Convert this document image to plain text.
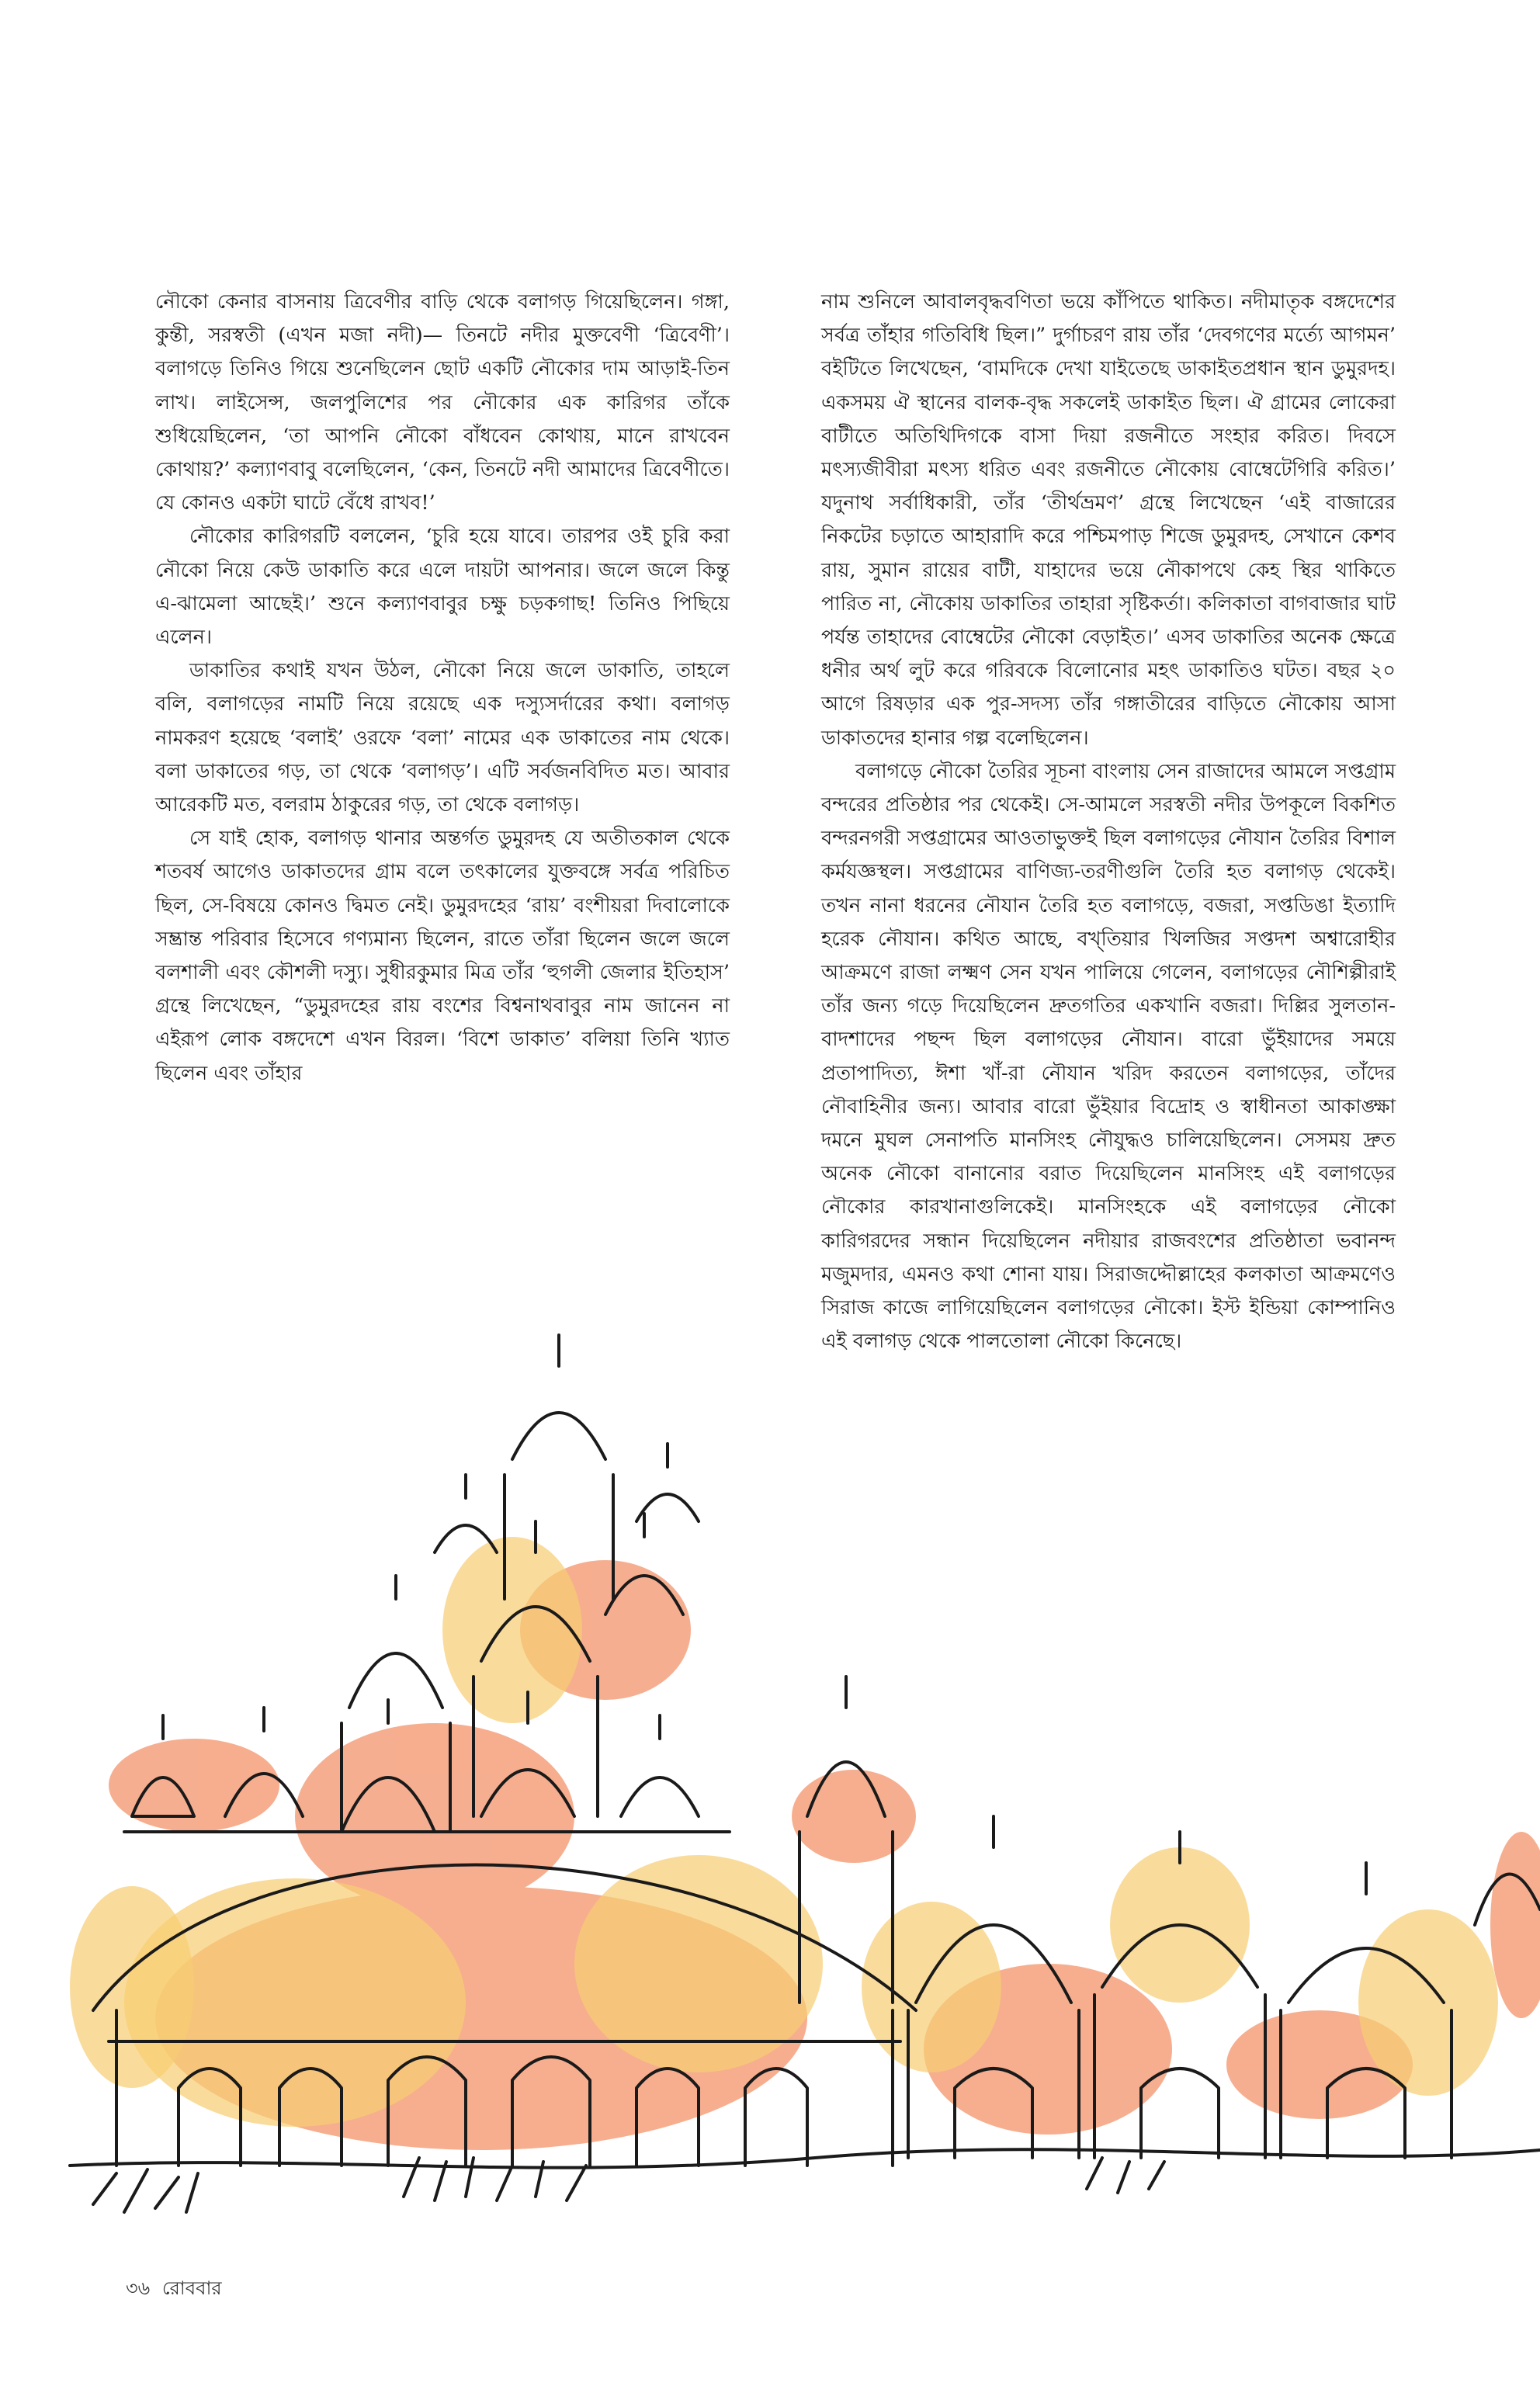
নৌকো কেনার বাসনায় ত্রিবেণীর বাড়ি থেকে বলাগড় গিয়েছিলেন। গঙ্গা, কুন্তী, সরস্বতী (এখন মজা নদী)— তিনটে নদীর মুক্তবেণী ‘ত্রিবেণী’। বলাগড়ে তিনিও গিয়ে শুনেছিলেন ছোট একটি নৌকোর দাম আড়াই-তিন লাখ। লাইসেন্স, জলপুলিশের পর নৌকোর এক কারিগর তাঁকে শুধিয়েছিলেন, ‘তা আপনি নৌকো বাঁধবেন কোথায়, মানে রাখবেন কোথায়?’ কল্যাণবাবু বলেছিলেন, ‘কেন, তিনটে নদী আমাদের ত্রিবেণীতে। যে কোনও একটা ঘাটে বেঁধে রাখব!’

নৌকোর কারিগরটি বললেন, ‘চুরি হয়ে যাবে। তারপর ওই চুরি করা নৌকো নিয়ে কেউ ডাকাতি করে এলে দায়টা আপনার। জলে জলে কিন্তু এ-ঝামেলা আছেই।’ শুনে কল্যাণবাবুর চক্ষু চড়কগাছ! তিনিও পিছিয়ে এলেন।

ডাকাতির কথাই যখন উঠল, নৌকো নিয়ে জলে ডাকাতি, তাহলে বলি, বলাগড়ের নামটি নিয়ে রয়েছে এক দস্যুসর্দারের কথা। বলাগড় নামকরণ হয়েছে ‘বলাই’ ওরফে ‘বলা’ নামের এক ডাকাতের নাম থেকে। বলা ডাকাতের গড়, তা থেকে ‘বলাগড়’। এটি সর্বজনবিদিত মত। আবার আরেকটি মত, বলরাম ঠাকুরের গড়, তা থেকে বলাগড়।

সে যাই হোক, বলাগড় থানার অন্তর্গত ডুমুরদহ যে অতীতকাল থেকে শতবর্ষ আগেও ডাকাতদের গ্রাম বলে তৎকালের যুক্তবঙ্গে সর্বত্র পরিচিত ছিল, সে-বিষয়ে কোনও দ্বিমত নেই। ডুমুরদহের ‘রায়’ বংশীয়রা দিবালোকে সম্ভ্রান্ত পরিবার হিসেবে গণ্যমান্য ছিলেন, রাতে তাঁরা ছিলেন জলে জলে বলশালী এবং কৌশলী দস্যু। সুধীরকুমার মিত্র তাঁর ‘হুগলী জেলার ইতিহাস’ গ্রন্থে লিখেছেন, “ডুমুরদহের রায় বংশের বিশ্বনাথবাবুর নাম জানেন না এইরূপ লোক বঙ্গদেশে এখন বিরল। ‘বিশে ডাকাত’ বলিয়া তিনি খ্যাত ছিলেন এবং তাঁহার

নাম শুনিলে আবালবৃদ্ধবণিতা ভয়ে কাঁপিতে থাকিত। নদীমাতৃক বঙ্গদেশের সর্বত্র তাঁহার গতিবিধি ছিল।” দুর্গাচরণ রায় তাঁর ‘দেবগণের মর্ত্যে আগমন’ বইটিতে লিখেছেন, ‘বামদিকে দেখা যাইতেছে ডাকাইতপ্রধান স্থান ডুমুরদহ। একসময় ঐ স্থানের বালক-বৃদ্ধ সকলেই ডাকাইত ছিল। ঐ গ্রামের লোকেরা বাটীতে অতিথিদিগকে বাসা দিয়া রজনীতে সংহার করিত। দিবসে মৎস্যজীবীরা মৎস্য ধরিত এবং রজনীতে নৌকোয় বোম্বেটেগিরি করিত।’ যদুনাথ সর্বাধিকারী, তাঁর ‘তীর্থভ্রমণ’ গ্রন্থে লিখেছেন ‘এই বাজারের নিকটের চড়াতে আহারাদি করে পশ্চিমপাড় শিজে ডুমুরদহ, সেখানে কেশব রায়, সুমান রায়ের বাটী, যাহাদের ভয়ে নৌকাপথে কেহ স্থির থাকিতে পারিত না, নৌকোয় ডাকাতির তাহারা সৃষ্টিকর্তা। কলিকাতা বাগবাজার ঘাট পর্যন্ত তাহাদের বোম্বেটের নৌকো বেড়াইত।’ এসব ডাকাতির অনেক ক্ষেত্রে ধনীর অর্থ লুট করে গরিবকে বিলোনোর মহৎ ডাকাতিও ঘটত। বছর ২০ আগে রিষড়ার এক পুর-সদস্য তাঁর গঙ্গাতীরের বাড়িতে নৌকোয় আসা ডাকাতদের হানার গল্প বলেছিলেন।

বলাগড়ে নৌকো তৈরির সূচনা বাংলায় সেন রাজাদের আমলে সপ্তগ্রাম বন্দরের প্রতিষ্ঠার পর থেকেই। সে-আমলে সরস্বতী নদীর উপকূলে বিকশিত বন্দরনগরী সপ্তগ্রামের আওতাভুক্তই ছিল বলাগড়ের নৌযান তৈরির বিশাল কর্মযজ্ঞস্থল। সপ্তগ্রামের বাণিজ্য-তরণীগুলি তৈরি হত বলাগড় থেকেই। তখন নানা ধরনের নৌযান তৈরি হত বলাগড়ে, বজরা, সপ্তডিঙা ইত্যাদি হরেক নৌযান। কথিত আছে, বখ্‌তিয়ার খিলজির সপ্তদশ অশ্বারোহীর আক্রমণে রাজা লক্ষ্মণ সেন যখন পালিয়ে গেলেন, বলাগড়ের নৌশিল্পীরাই তাঁর জন্য গড়ে দিয়েছিলেন দ্রুতগতির একখানি বজরা। দিল্লির সুলতান-বাদশাদের পছন্দ ছিল বলাগড়ের নৌযান। বারো ভুঁইয়াদের সময়ে প্রতাপাদিত্য, ঈশা খাঁ-রা নৌযান খরিদ করতেন বলাগড়ের, তাঁদের নৌবাহিনীর জন্য। আবার বারো ভুঁইয়ার বিদ্রোহ ও স্বাধীনতা আকাঙ্ক্ষা দমনে মুঘল সেনাপতি মানসিংহ নৌযুদ্ধও চালিয়েছিলেন। সেসময় দ্রুত অনেক নৌকো বানানোর বরাত দিয়েছিলেন মানসিংহ এই বলাগড়ের নৌকোর কারখানাগুলিকেই। মানসিংহকে এই বলাগড়ের নৌকো কারিগরদের সন্ধান দিয়েছিলেন নদীয়ার রাজবংশের প্রতিষ্ঠাতা ভবানন্দ মজুমদার, এমনও কথা শোনা যায়। সিরাজদ্দৌল্লাহের কলকাতা আক্রমণেও সিরাজ কাজে লাগিয়েছিলেন বলাগড়ের নৌকো। ইস্ট ইন্ডিয়া কোম্পানিও এই বলাগড় থেকে পালতোলা নৌকো কিনেছে।

৩৬ রোববার
